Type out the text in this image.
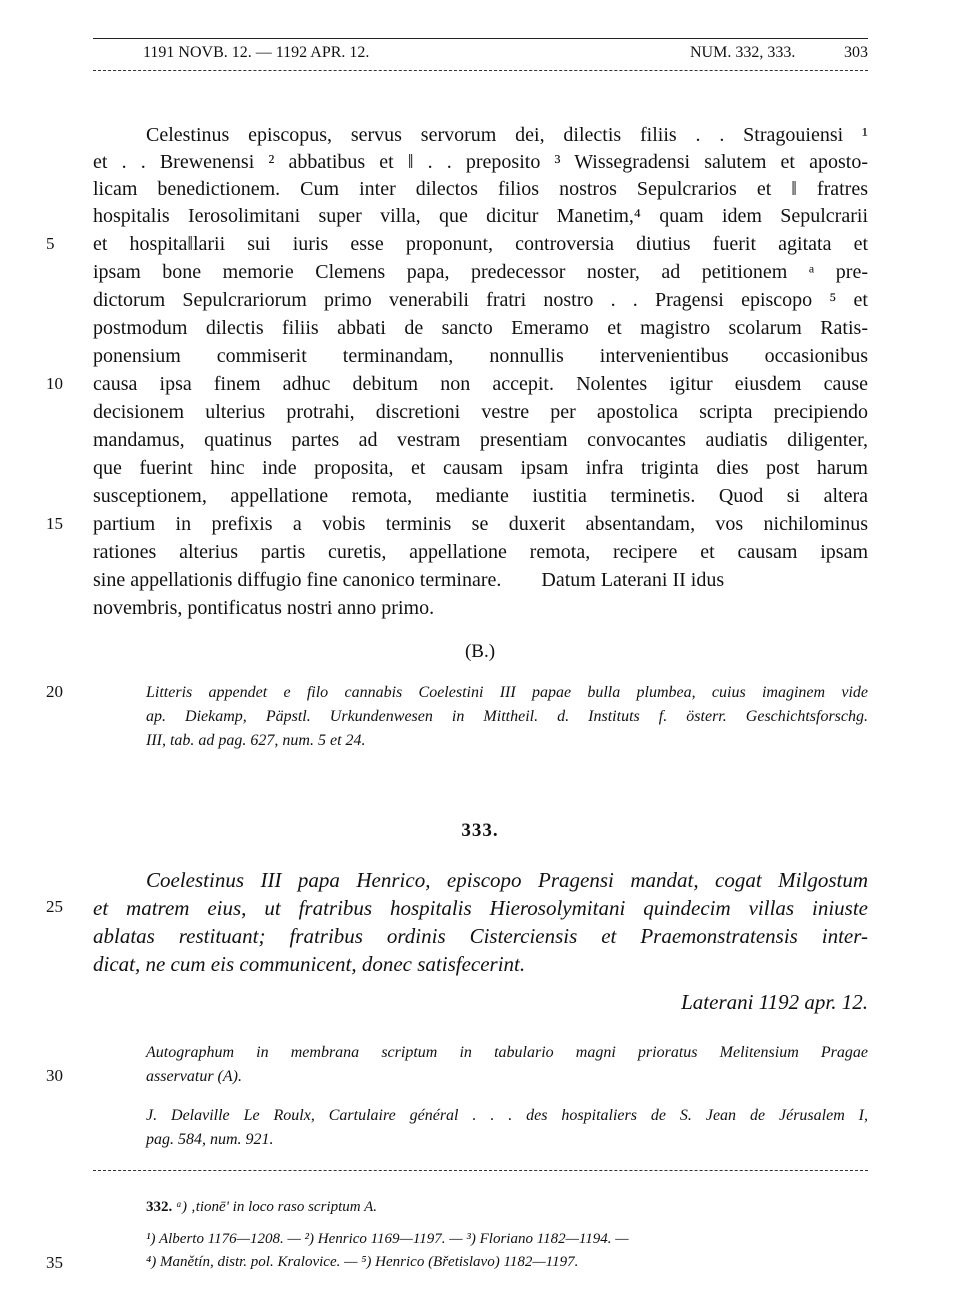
1191 NOVB. 12. — 1192 APR. 12.	NUM. 332, 333.	303
Celestinus episcopus, servus servorum dei, dilectis filiis . . Stragouiensi ¹
et . . Brewenensi ² abbatibus et ‖ . . preposito ³ Wissegradensi salutem et aposto-
licam benedictionem. Cum inter dilectos filios nostros Sepulcrarios et ‖ fratres
hospitalis Ierosolimitani super villa, que dicitur Manetim,⁴ quam idem Sepulcrarii
et hospita‖larii sui iuris esse proponunt, controversia diutius fuerit agitata et
ipsam bone memorie Clemens papa, predecessor noster, ad petitionem ᵃ pre-
dictorum Sepulcrariorum primo venerabili fratri nostro . . Pragensi episcopo ⁵ et
postmodum dilectis filiis abbati de sancto Emeramo et magistro scolarum Ratis-
ponensium commiserit terminandam, nonnullis intervenientibus occasionibus
causa ipsa finem adhuc debitum non accepit. Nolentes igitur eiusdem cause
decisionem ulterius protrahi, discretioni vestre per apostolica scripta precipiendo
mandamus, quatinus partes ad vestram presentiam convocantes audiatis diligenter,
que fuerint hinc inde proposita, et causam ipsam infra triginta dies post harum
susceptionem, appellatione remota, mediante iustitia terminetis. Quod si altera
partium in prefixis a vobis terminis se duxerit absentandam, vos nichilominus
rationes alterius partis curetis, appellatione remota, recipere et causam ipsam
sine appellationis diffugio fine canonico terminare.        Datum Laterani II idus
novembris, pontificatus nostri anno primo.
(B.)
Litteris appendet e filo cannabis Coelestini III papae bulla plumbea, cuius imaginem vide
ap. Diekamp, Päpstl. Urkundenwesen in Mittheil. d. Instituts f. österr. Geschichtsforschg.
III, tab. ad pag. 627, num. 5 et 24.
333.
Coelestinus III papa Henrico, episcopo Pragensi mandat, cogat Milgostum
et matrem eius, ut fratribus hospitalis Hierosolymitani quindecim villas iniuste
ablatas restituant; fratribus ordinis Cisterciensis et Praemonstratensis inter-
dicat, ne cum eis communicent, donec satisfecerint.
Laterani 1192 apr. 12.
Autographum in membrana scriptum in tabulario magni prioratus Melitensium Pragae
asservatur (A).
J. Delaville Le Roulx, Cartulaire général . . . des hospitaliers de S. Jean de Jérusalem I,
pag. 584, num. 921.
332. ᵃ) ‚tionē' in loco raso scriptum A.
¹) Alberto 1176—1208. — ²) Henrico 1169—1197. — ³) Floriano 1182—1194. —
⁴) Manětín, distr. pol. Kralovice. — ⁵) Henrico (Břetislavo) 1182—1197.
5
10
15
20
25
30
35
